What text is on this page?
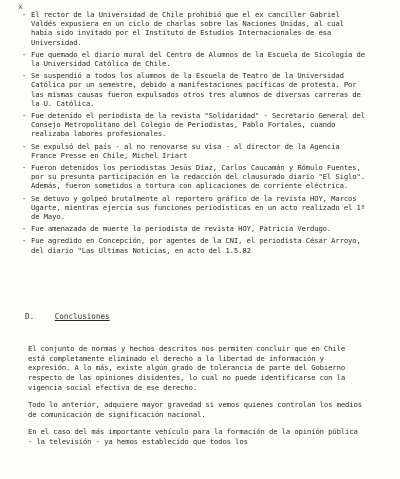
x
- El rector de la Universidad de Chile prohibió que el ex canciller Gabriel Valdés expusiera en un ciclo de charlas sobre las Naciones Unidas, al cual había sido invitado por el Instituto de Estudios Internacionales de esa Universidad.
- Fue quemado el diario mural del Centro de Alumnos de la Escuela de Sicología de la Universidad Católica de Chile.
- Se suspendió a todos los alumnos de la Escuela de Teatro de la Universidad Católica por un semestre, debido a manifestaciones pacíficas de protesta. Por las mismas causas fueron expulsados otros tres alumnos de diversas carreras de la U. Católica.
- Fue detenido el periodista de la revista "Solidaridad" - Secretario General del Consejo Metropolitano del Colegio de Periodistas, Pablo Fortales, cuando realizaba labores profesionales.
- Se expulsó del país - al no renovarse su visa - al director de la Agencia France Presse en Chile, Michel Iriart
- Fueron detenidos los periodistas Jesús Díaz, Carlos Caucamán y Rómulo Fuentes, por su presunta participación en la redacción del clausurado diario "El Siglo". Además, fueron sometidos a tortura con aplicaciones de corriente eléctrica.
- Se detuvo y golpeó brutalmente al reportero gráfico de la revista HOY, Marcos Ugarte, mientras ejercía sus funciones periodísticas en un acto realizado el 1º de Mayo.
- Fue amenazada de muerte la periodista de revista HOY, Patricia Verdugo.
- Fue agredido en Concepción, por agentes de la CNI, el periodista César Arroyo, del diario "Las Ultimas Noticias, en acto del 1.5.82
D.	Conclusiones

El conjunto de normas y hechos descritos nos permiten concluir que en Chile está completamente eliminado el derecho a la libertad de información y expresión. A lo más, existe algún grado de tolerancia de parte del Gobierno respecto de las opiniones disidentes, lo cual no puede identificarse con la vigencia social efectiva de ese derecho.

Todo lo anterior, adquiere mayor gravedad si vemos quienes controlan los medios de comunicación de significación nacional.

En el caso del más importante vehículo para la formación de la opinión pública - la televisión - ya hemos establecido que todos los
